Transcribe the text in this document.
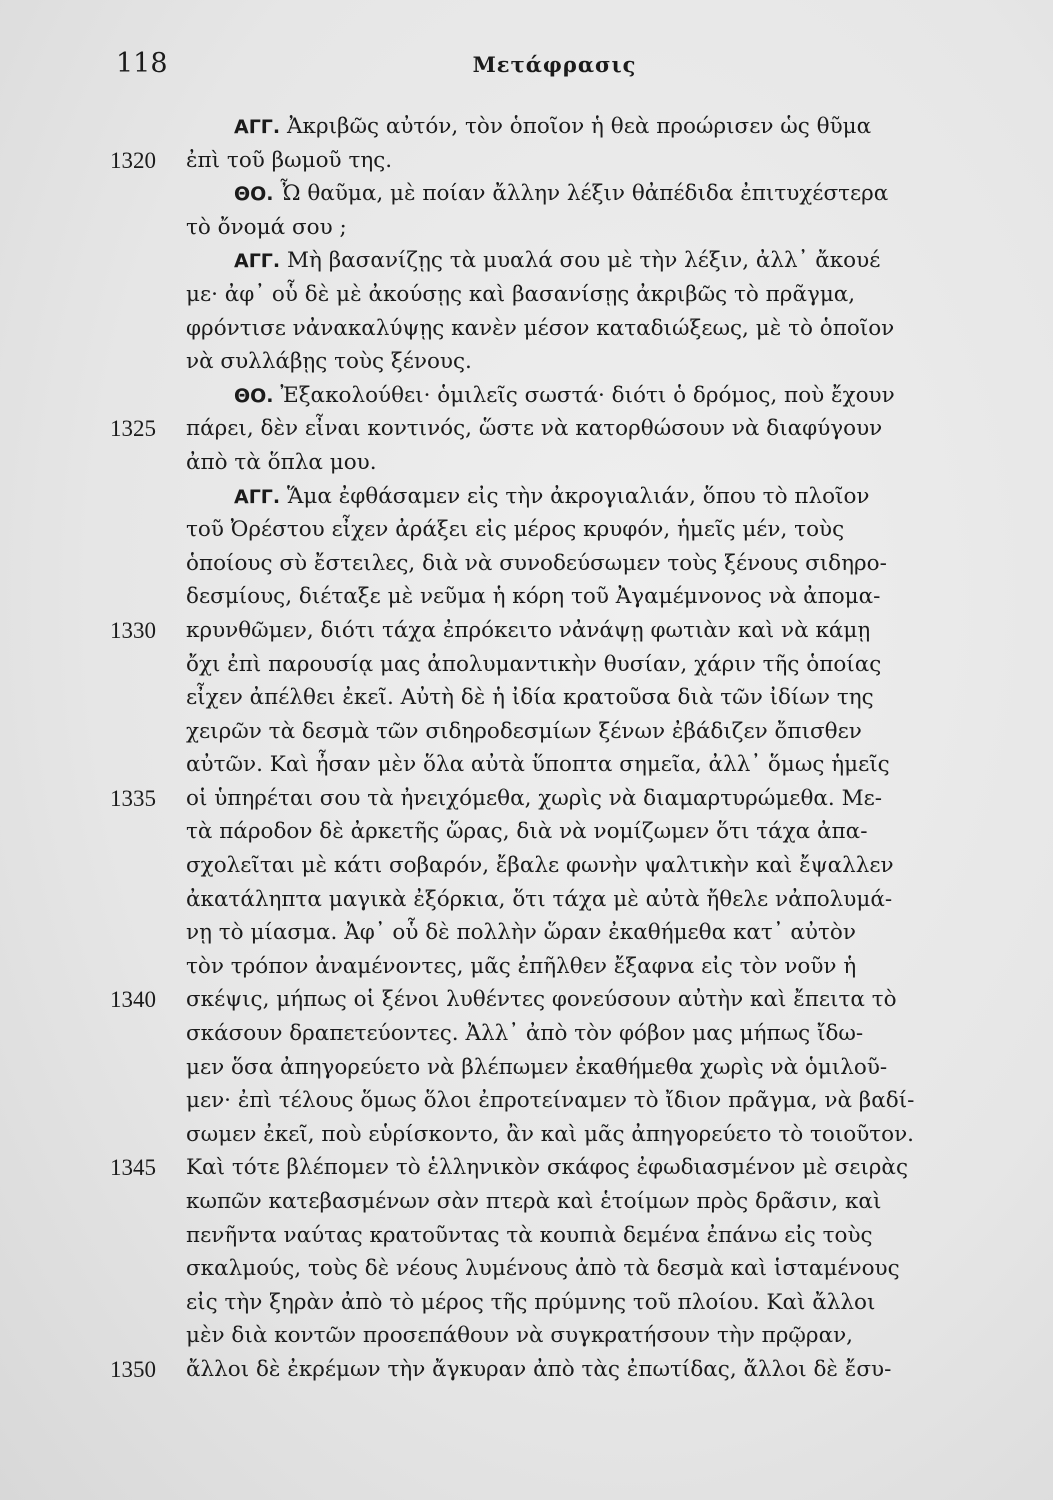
118	Μετάφρασις
ΑΓΓ. Ἀκριβῶς αὐτόν, τὸν ὁποῖον ἡ θεὰ προώρισεν ὡς θῦμα
1320	ἐπὶ τοῦ βωμοῦ της.
ΘΟ. Ὦ θαῦμα, μὲ ποίαν ἄλλην λέξιν θἀπέδιδα ἐπιτυχέστερα
τὸ ὄνομά σου ;
ΑΓΓ. Μὴ βασανίζῃς τὰ μυαλά σου μὲ τὴν λέξιν, ἀλλ᾽ ἄκουέ
με· ἀφ᾽ οὗ δὲ μὲ ἀκούσῃς καὶ βασανίσῃς ἀκριβῶς τὸ πρᾶγμα,
φρόντισε νἀνακαλύψῃς κανὲν μέσον καταδιώξεως, μὲ τὸ ὁποῖον
νὰ συλλάβῃς τοὺς ξένους.
ΘΟ. Ἐξακολούθει· ὁμιλεῖς σωστά· διότι ὁ δρόμος, ποὺ ἔχουν
1325	πάρει, δὲν εἶναι κοντινός, ὥστε νὰ κατορθώσουν νὰ διαφύγουν
ἀπὸ τὰ ὅπλα μου.
ΑΓΓ. Ἅμα ἐφθάσαμεν εἰς τὴν ἀκρογιαλιάν, ὅπου τὸ πλοῖον
τοῦ Ὀρέστου εἶχεν ἀράξει εἰς μέρος κρυφόν, ἡμεῖς μέν, τοὺς
ὁποίους σὺ ἔστειλες, διὰ νὰ συνοδεύσωμεν τοὺς ξένους σιδηρο-
δεσμίους, διέταξε μὲ νεῦμα ἡ κόρη τοῦ Ἀγαμέμνονος νὰ ἀπομα-
1330	κρυνθῶμεν, διότι τάχα ἐπρόκειτο νἀνάψῃ φωτιὰν καὶ νὰ κάμῃ
ὄχι ἐπὶ παρουσίᾳ μας ἀπολυμαντικὴν θυσίαν, χάριν τῆς ὁποίας
εἶχεν ἀπέλθει ἐκεῖ. Αὐτὴ δὲ ἡ ἰδία κρατοῦσα διὰ τῶν ἰδίων της
χειρῶν τὰ δεσμὰ τῶν σιδηροδεσμίων ξένων ἐβάδιζεν ὄπισθεν
αὐτῶν. Καὶ ἦσαν μὲν ὅλα αὐτὰ ὕποπτα σημεῖα, ἀλλ᾽ ὅμως ἡμεῖς
1335	οἱ ὑπηρέται σου τὰ ἠνειχόμεθα, χωρὶς νὰ διαμαρτυρώμεθα. Με-
τὰ πάροδον δὲ ἀρκετῆς ὥρας, διὰ νὰ νομίζωμεν ὅτι τάχα ἀπα-
σχολεῖται μὲ κάτι σοβαρόν, ἔβαλε φωνὴν ψαλτικὴν καὶ ἔψαλλεν
ἀκατάληπτα μαγικὰ ἐξόρκια, ὅτι τάχα μὲ αὐτὰ ἤθελε νἀπολυμά-
νῃ τὸ μίασμα. Ἀφ᾽ οὗ δὲ πολλὴν ὥραν ἐκαθήμεθα κατ᾽ αὐτὸν
τὸν τρόπον ἀναμένοντες, μᾶς ἐπῆλθεν ἔξαφνα εἰς τὸν νοῦν ἡ
1340	σκέψις, μήπως οἱ ξένοι λυθέντες φονεύσουν αὐτὴν καὶ ἔπειτα τὸ
σκάσουν δραπετεύοντες. Ἀλλ᾽ ἀπὸ τὸν φόβον μας μήπως ἴδω-
μεν ὅσα ἀπηγορεύετο νὰ βλέπωμεν ἐκαθήμεθα χωρὶς νὰ ὁμιλοῦ-
μεν· ἐπὶ τέλους ὅμως ὅλοι ἐπροτείναμεν τὸ ἴδιον πρᾶγμα, νὰ βαδί-
σωμεν ἐκεῖ, ποὺ εὑρίσκοντο, ἂν καὶ μᾶς ἀπηγορεύετο τὸ τοιοῦτον.
1345	Καὶ τότε βλέπομεν τὸ ἑλληνικὸν σκάφος ἐφωδιασμένον μὲ σειρὰς
κωπῶν κατεβασμένων σὰν πτερὰ καὶ ἑτοίμων πρὸς δρᾶσιν, καὶ
πενῆντα ναύτας κρατοῦντας τὰ κουπιὰ δεμένα ἐπάνω εἰς τοὺς
σκαλμούς, τοὺς δὲ νέους λυμένους ἀπὸ τὰ δεσμὰ καὶ ἱσταμένους
εἰς τὴν ξηρὰν ἀπὸ τὸ μέρος τῆς πρύμνης τοῦ πλοίου. Καὶ ἄλλοι
μὲν διὰ κοντῶν προσεπάθουν νὰ συγκρατήσουν τὴν πρῷραν,
1350	ἄλλοι δὲ ἐκρέμων τὴν ἄγκυραν ἀπὸ τὰς ἐπωτίδας, ἄλλοι δὲ ἔσυ-
